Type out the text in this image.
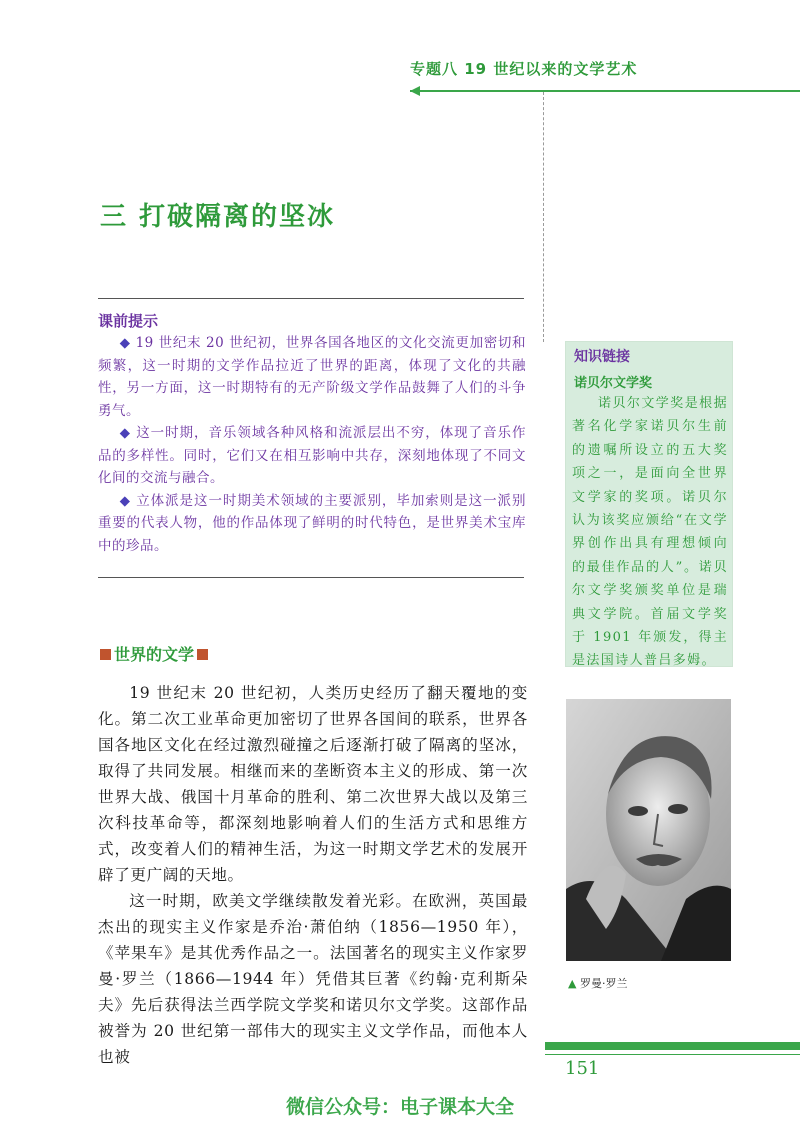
专题八 19 世纪以来的文学艺术
三 打破隔离的坚冰
课前提示

◆ 19 世纪末 20 世纪初，世界各国各地区的文化交流更加密切和频繁，这一时期的文学作品拉近了世界的距离，体现了文化的共融性，另一方面，这一时期特有的无产阶级文学作品鼓舞了人们的斗争勇气。

◆ 这一时期，音乐领域各种风格和流派层出不穷，体现了音乐作品的多样性。同时，它们又在相互影响中共存，深刻地体现了不同文化间的交流与融合。

◆ 立体派是这一时期美术领域的主要派别，毕加索则是这一派别重要的代表人物，他的作品体现了鲜明的时代特色，是世界美术宝库中的珍品。

知识链接
诺贝尔文学奖

诺贝尔文学奖是根据著名化学家诺贝尔生前的遗嘱所设立的五大奖项之一，是面向全世界文学家的奖项。诺贝尔认为该奖应颁给“在文学界创作出具有理想倾向的最佳作品的人”。诺贝尔文学奖颁奖单位是瑞典文学院。首届文学奖于 1901 年颁发，得主是法国诗人普吕多姆。

世界的文学

19 世纪末 20 世纪初，人类历史经历了翻天覆地的变化。第二次工业革命更加密切了世界各国间的联系，世界各国各地区文化在经过激烈碰撞之后逐渐打破了隔离的坚冰，取得了共同发展。相继而来的垄断资本主义的形成、第一次世界大战、俄国十月革命的胜利、第二次世界大战以及第三次科技革命等，都深刻地影响着人们的生活方式和思维方式，改变着人们的精神生活，为这一时期文学艺术的发展开辟了更广阔的天地。

这一时期，欧美文学继续散发着光彩。在欧洲，英国最杰出的现实主义作家是乔治·萧伯纳（1856—1950 年），《苹果车》是其优秀作品之一。法国著名的现实主义作家罗曼·罗兰（1866—1944 年）凭借其巨著《约翰·克利斯朵夫》先后获得法兰西学院文学奖和诺贝尔文学奖。这部作品被誉为 20 世纪第一部伟大的现实主义文学作品，而他本人也被

▲ 罗曼·罗兰
151
微信公众号：电子课本大全
